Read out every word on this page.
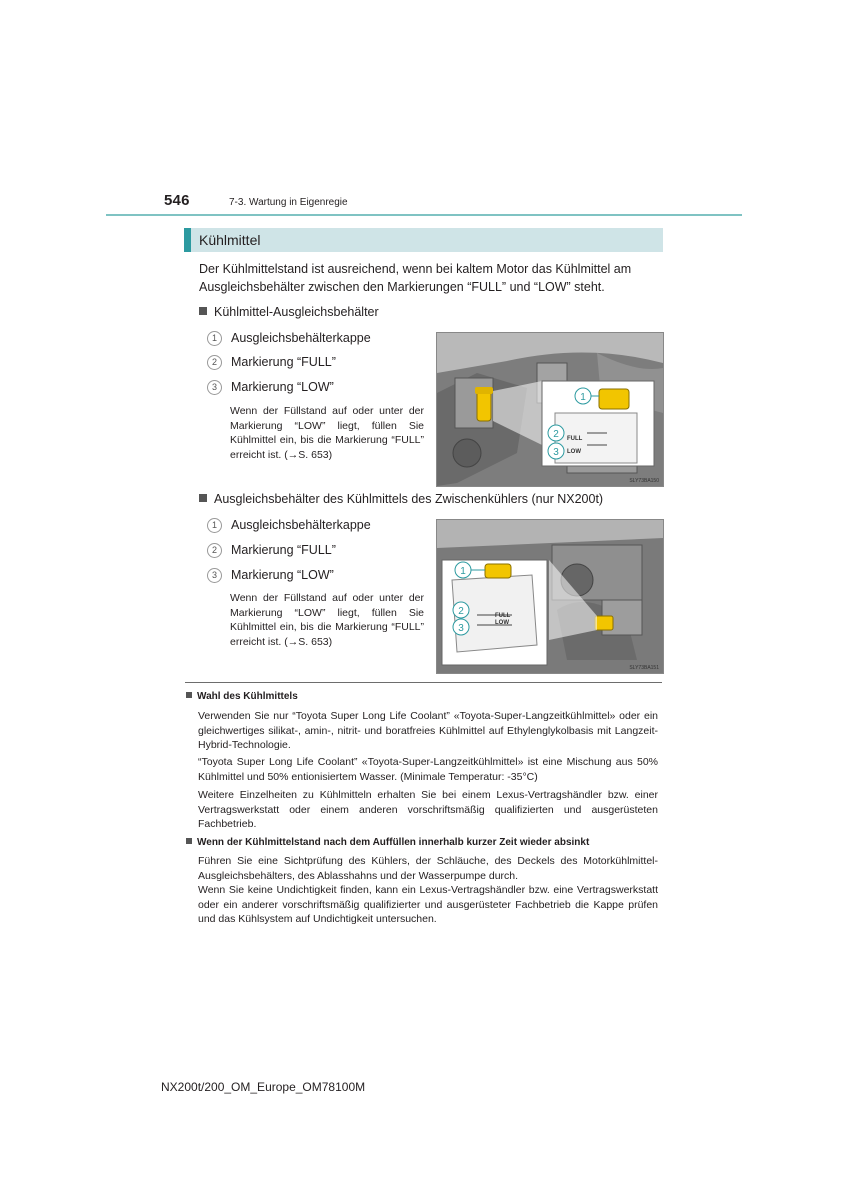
546	7-3. Wartung in Eigenregie
Kühlmittel
Der Kühlmittelstand ist ausreichend, wenn bei kaltem Motor das Kühlmittel am Ausgleichsbehälter zwischen den Markierungen “FULL” und “LOW” steht.
Kühlmittel-Ausgleichsbehälter
1 Ausgleichsbehälterkappe
2 Markierung “FULL”
3 Markierung “LOW”
Wenn der Füllstand auf oder unter der Markierung “LOW” liegt, füllen Sie Kühlmittel ein, bis die Markierung “FULL” erreicht ist. (→S. 653)
1
2
3
FULL
LOW
SLY73BA150
Ausgleichsbehälter des Kühlmittels des Zwischenkühlers (nur NX200t)
1 Ausgleichsbehälterkappe
2 Markierung “FULL”
3 Markierung “LOW”
Wenn der Füllstand auf oder unter der Markierung “LOW” liegt, füllen Sie Kühlmittel ein, bis die Markierung “FULL” erreicht ist. (→S. 653)
1
2
3
FULL
LOW
SLY73BA151
Wahl des Kühlmittels
Verwenden Sie nur “Toyota Super Long Life Coolant” «Toyota-Super-Langzeitkühlmittel» oder ein gleichwertiges silikat-, amin-, nitrit- und boratfreies Kühlmittel auf Ethylenglykolbasis mit Langzeit-Hybrid-Technologie.
“Toyota Super Long Life Coolant” «Toyota-Super-Langzeitkühlmittel» ist eine Mischung aus 50% Kühlmittel und 50% entionisiertem Wasser. (Minimale Temperatur: -35°C)
Weitere Einzelheiten zu Kühlmitteln erhalten Sie bei einem Lexus-Vertragshändler bzw. einer Vertragswerkstatt oder einem anderen vorschriftsmäßig qualifizierten und ausgerüsteten Fachbetrieb.
Wenn der Kühlmittelstand nach dem Auffüllen innerhalb kurzer Zeit wieder absinkt
Führen Sie eine Sichtprüfung des Kühlers, der Schläuche, des Deckels des Motorkühlmittel-Ausgleichsbehälters, des Ablasshahns und der Wasserpumpe durch.
Wenn Sie keine Undichtigkeit finden, kann ein Lexus-Vertragshändler bzw. eine Vertragswerkstatt oder ein anderer vorschriftsmäßig qualifizierter und ausgerüsteter Fachbetrieb die Kappe prüfen und das Kühlsystem auf Undichtigkeit untersuchen.
NX200t/200_OM_Europe_OM78100M
